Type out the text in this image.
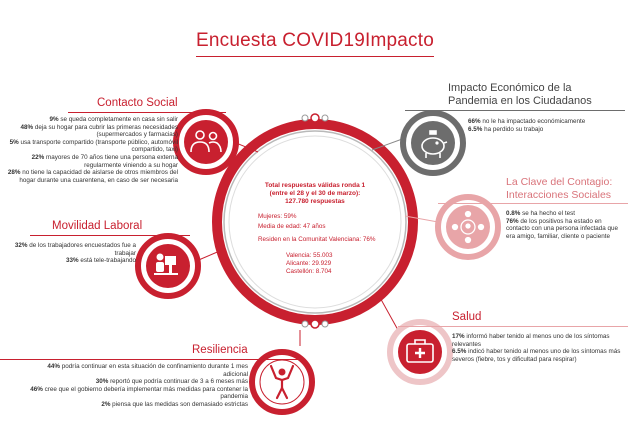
Encuesta COVID19Impacto
Total respuestas válidas ronda 1
(entre el 28 y el 30 de marzo):
127.780 respuestas
Mujeres: 59%
Media de edad: 47 años
Residen en la Comunitat Valenciana: 76%
Valencia: 55.003
Alicante: 29.929
Castellón: 8.704
Contacto Social
9% se queda completamente en casa sin salir
48% deja su hogar para cubrir las primeras necesidades (supermercados y farmacias)
5% usa transporte compartido (transporte público, automóvil compartido, taxi)
22% mayores de 70 años tiene una persona externa regularmente viniendo a su hogar
28% no tiene la capacidad de aislarse de otros miembros del hogar durante una cuarentena, en caso de ser necesaria
Movilidad Laboral
32% de los trabajadores encuestados fue a trabajar
33% está tele-trabajando
Resiliencia
44% podría continuar en esta situación de confinamiento durante 1 mes adicional
30% reportó que podría continuar de 3 a 6 meses más
46% cree que el gobierno debería implementar más medidas para contener la pandemia
2% piensa que las medidas son demasiado estrictas
Impacto Económico de la
Pandemia en los Ciudadanos
66% no le ha impactado económicamente
6.5% ha perdido su trabajo
La Clave del Contagio:
Interacciones Sociales
0.8% se ha hecho el test
76% de los positivos ha estado en contacto con una persona infectada que era amigo, familiar, cliente o paciente
Salud
17% informó haber tenido al menos uno de los síntomas relevantes
6.5% indicó haber tenido al menos uno de los síntomas más severos (fiebre, tos y dificultad para respirar)
